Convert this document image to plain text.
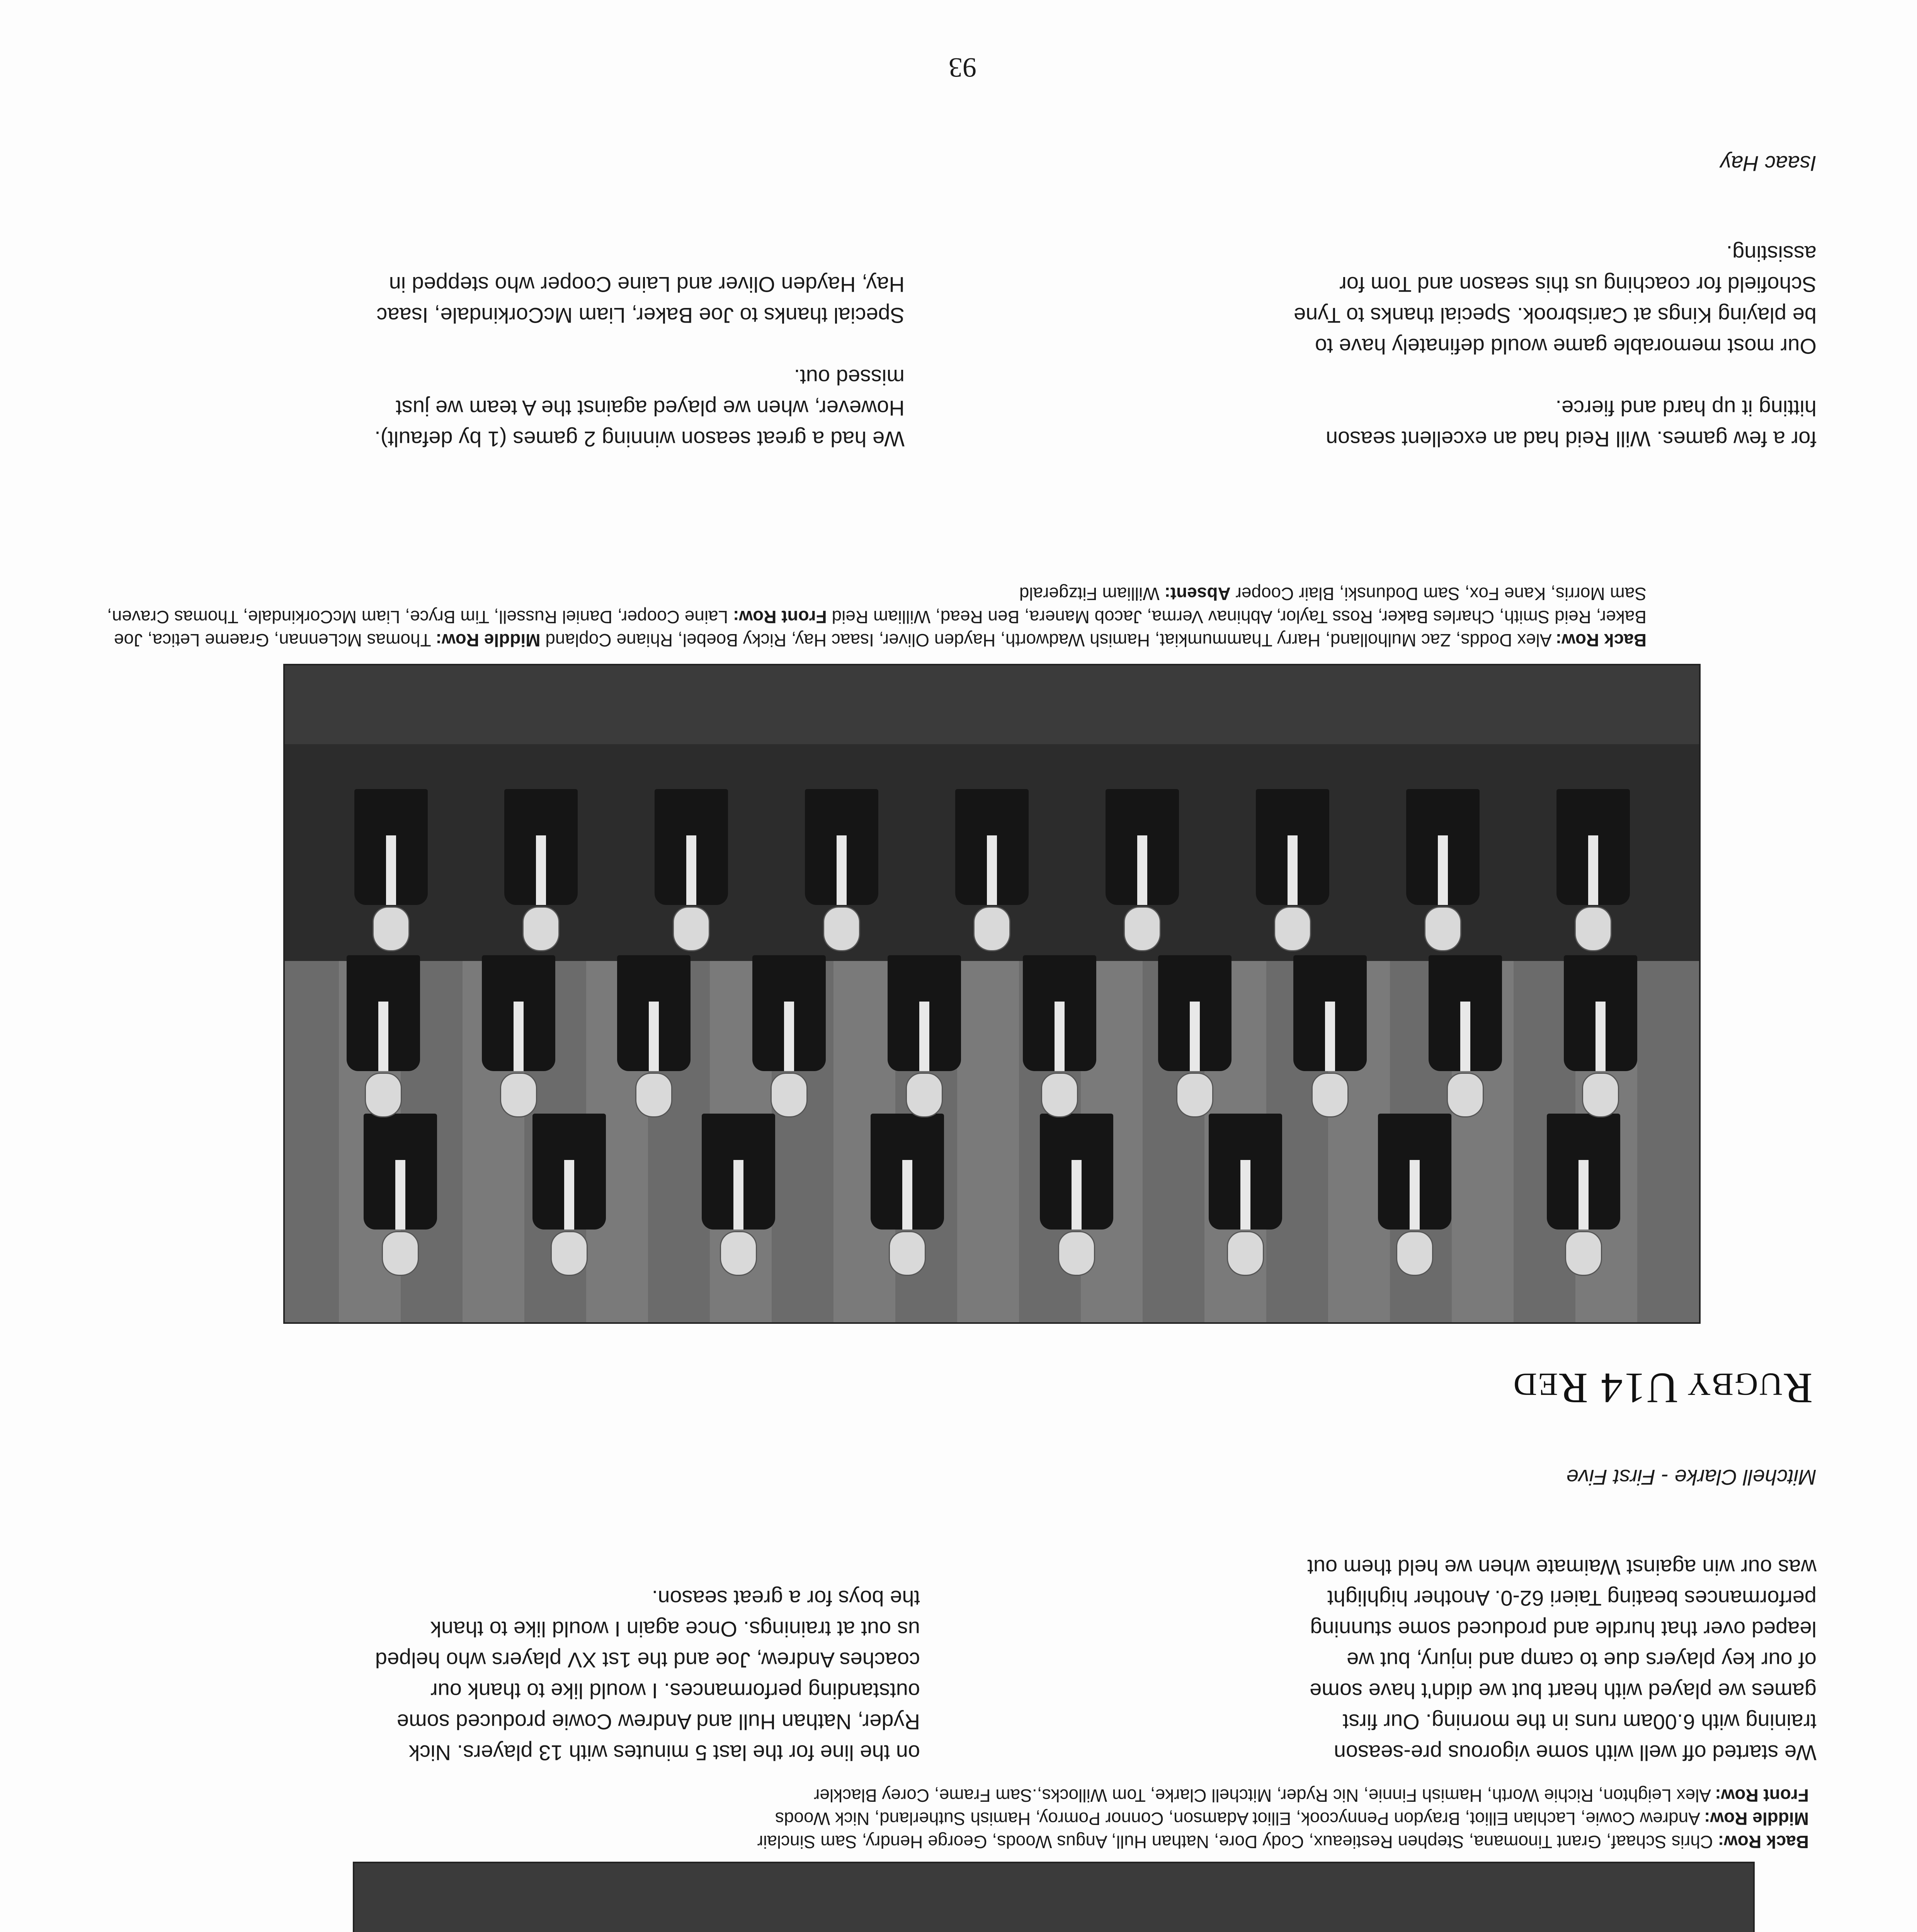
Back Row: Chris Schaaf, Grant Tinomana, Stephen Restieaux, Cody Dore, Nathan Hull, Angus Woods, George Hendry, Sam Sinclair
Middle Row: Andrew Cowie, Lachlan Elliot, Braydon Pennycook, Elliot Adamson, Connor Pomroy, Hamish Sutherland, Nick Woods
Front Row: Alex Leighton, Richie Worth, Hamish Finnie, Nic Ryder, Mitchell Clarke, Tom Willocks,.Sam Frame, Corey Blackler
We started off well with some vigorous pre-season
training with 6.00am runs in the morning. Our first
games we played with heart but we didn't have some
of our key players due to camp and injury, but we
leaped over that hurdle and produced some stunning
performances beating Taieri 62-0. Another highlight
was our win against Waimate when we held them out
on the line for the last 5 minutes with 13 players. Nick
Ryder, Nathan Hull and Andrew Cowie produced some
outstanding performances. I would like to thank our
coaches Andrew, Joe and the 1st XV players who helped
us out at trainings. Once again I would like to thank
the boys for a great season.
Mitchell Clarke - First Five
RUGBY U14 RED
Back Row: Alex Dodds, Zac Mulholland, Harry Thammumkiat, Hamish Wadworth, Hayden Oliver, Isaac Hay, Ricky Boebel, Rhiane Copland Middle Row: Thomas McLennan, Graeme Letica, Joe Baker, Reid Smith, Charles Baker, Ross Taylor, Abhinav Verma, Jacob Manera, Ben Read, William Reid Front Row: Laine Cooper, Daniel Russell, Tim Bryce, Liam McCorkindale, Thomas Craven, Sam Morris, Kane Fox, Sam Dodunski, Blair Cooper Absent: William Fitzgerald
We had a great season winning 2 games (1 by default).
However, when we played against the A team we just
missed out.

Special thanks to Joe Baker, Liam McCorkindale, Isaac
Hay, Hayden Oliver and Laine Cooper who stepped in
for a few games. Will Reid had an excellent season
hitting it up hard and fierce.

Our most memorable game would definately have to
be playing Kings at Carisbrook. Special thanks to Tyne
Schofield for coaching us this season and Tom for
assisting.
Isaac Hay
93
